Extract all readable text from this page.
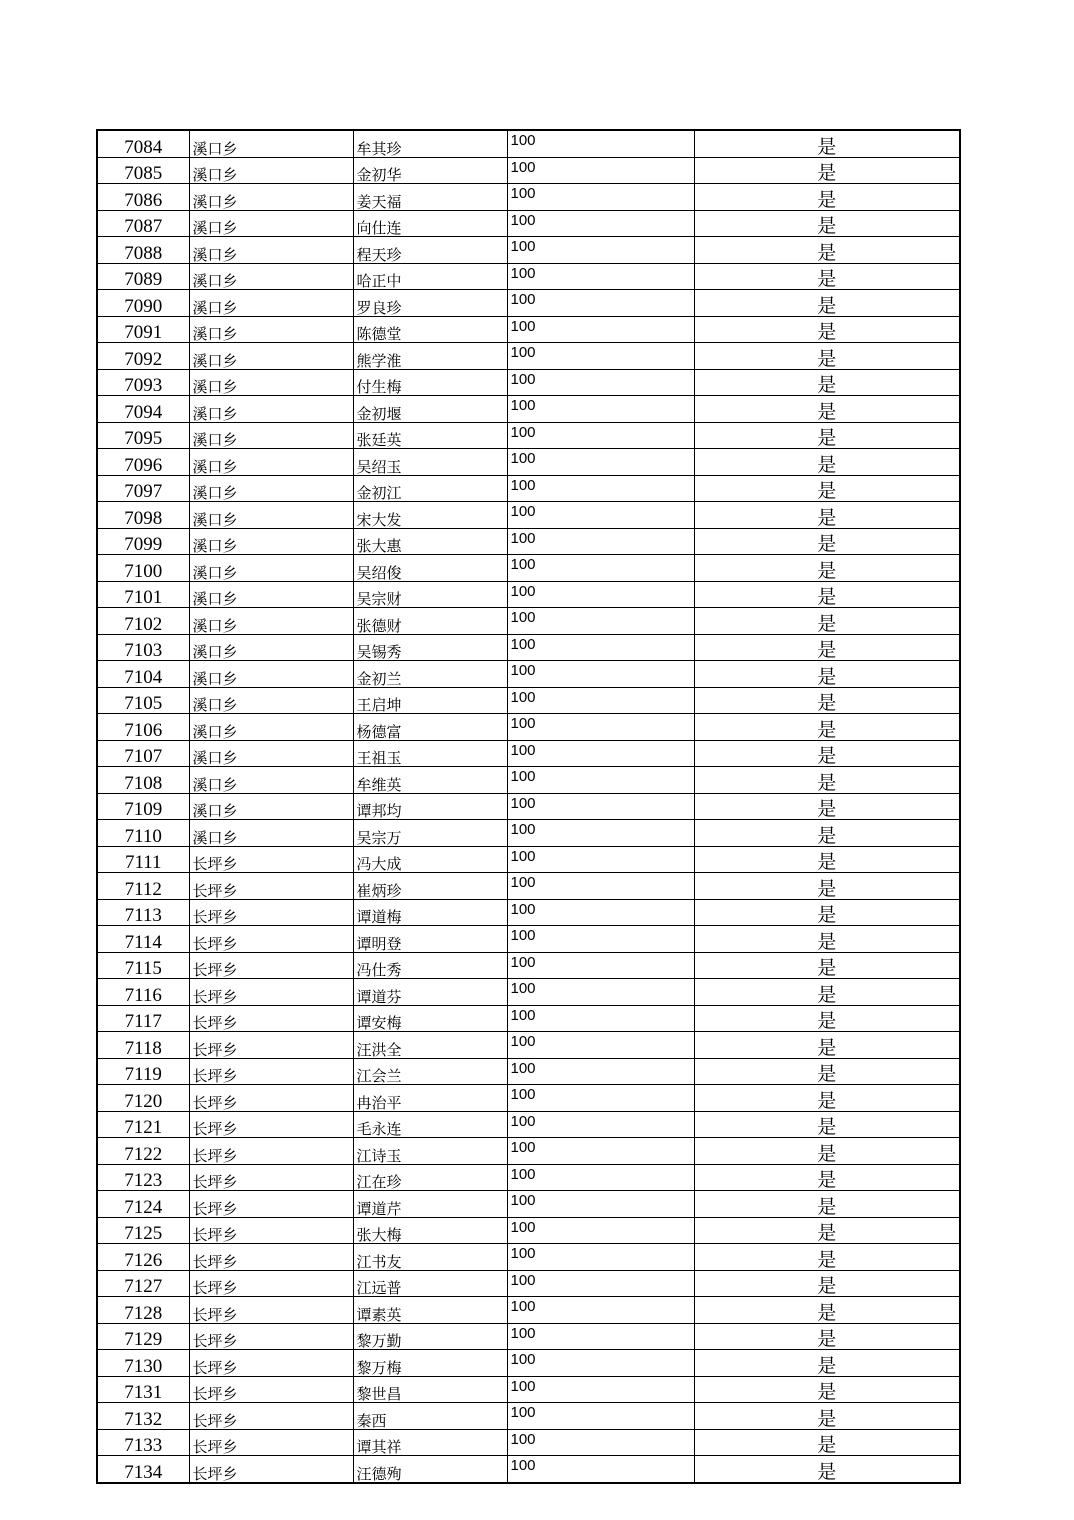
7084	溪口乡	牟其珍	100	是
7085	溪口乡	金初华	100	是
7086	溪口乡	姜天福	100	是
7087	溪口乡	向仕连	100	是
7088	溪口乡	程天珍	100	是
7089	溪口乡	哈正中	100	是
7090	溪口乡	罗良珍	100	是
7091	溪口乡	陈德堂	100	是
7092	溪口乡	熊学淮	100	是
7093	溪口乡	付生梅	100	是
7094	溪口乡	金初堰	100	是
7095	溪口乡	张廷英	100	是
7096	溪口乡	吴绍玉	100	是
7097	溪口乡	金初江	100	是
7098	溪口乡	宋大发	100	是
7099	溪口乡	张大惠	100	是
7100	溪口乡	吴绍俊	100	是
7101	溪口乡	吴宗财	100	是
7102	溪口乡	张德财	100	是
7103	溪口乡	吴锡秀	100	是
7104	溪口乡	金初兰	100	是
7105	溪口乡	王启坤	100	是
7106	溪口乡	杨德富	100	是
7107	溪口乡	王祖玉	100	是
7108	溪口乡	牟维英	100	是
7109	溪口乡	谭邦均	100	是
7110	溪口乡	吴宗万	100	是
7111	长坪乡	冯大成	100	是
7112	长坪乡	崔炳珍	100	是
7113	长坪乡	谭道梅	100	是
7114	长坪乡	谭明登	100	是
7115	长坪乡	冯仕秀	100	是
7116	长坪乡	谭道芬	100	是
7117	长坪乡	谭安梅	100	是
7118	长坪乡	汪洪全	100	是
7119	长坪乡	江会兰	100	是
7120	长坪乡	冉治平	100	是
7121	长坪乡	毛永连	100	是
7122	长坪乡	江诗玉	100	是
7123	长坪乡	江在珍	100	是
7124	长坪乡	谭道芹	100	是
7125	长坪乡	张大梅	100	是
7126	长坪乡	江书友	100	是
7127	长坪乡	江远普	100	是
7128	长坪乡	谭素英	100	是
7129	长坪乡	黎万勤	100	是
7130	长坪乡	黎万梅	100	是
7131	长坪乡	黎世昌	100	是
7132	长坪乡	秦西	100	是
7133	长坪乡	谭其祥	100	是
7134	长坪乡	汪德殉	100	是
